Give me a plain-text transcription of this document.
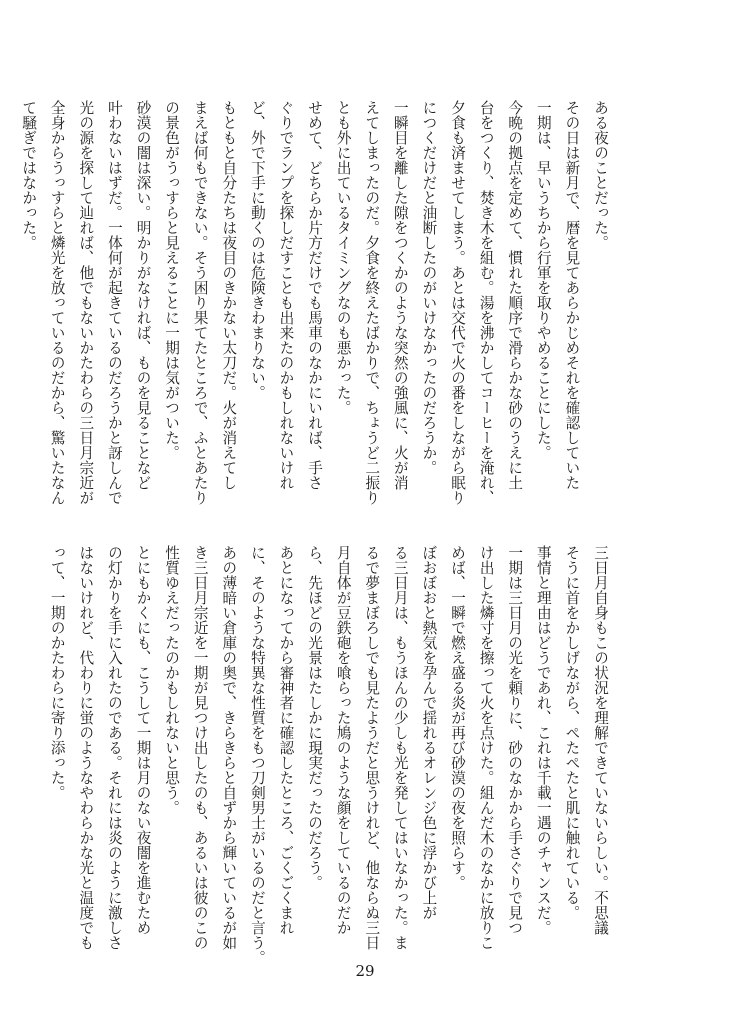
ある夜のことだった。
その日は新月で、暦を見てあらかじめそれを確認していた
一期は、早いうちから行軍を取りやめることにした。
今晩の拠点を定めて、慣れた順序で滑らかな砂のうえに土
台をつくり、焚き木を組む。湯を沸かしてコーヒーを淹れ、
夕食も済ませてしまう。あとは交代で火の番をしながら眠り
につくだけだと油断したのがいけなかったのだろうか。
一瞬目を離した隙をつくかのような突然の強風に、火が消
えてしまったのだ。夕食を終えたばかりで、ちょうど二振り
とも外に出ているタイミングなのも悪かった。
せめて、どちらか片方だけでも馬車のなかにいれば、手さ
ぐりでランプを探しだすことも出来たのかもしれないけれ
ど、外で下手に動くのは危険きわまりない。
もともと自分たちは夜目のきかない太刀だ。火が消えてし
まえば何もできない。そう困り果てたところで、ふとあたり
の景色がうっすらと見えることに一期は気がついた。
砂漠の闇は深い。明かりがなければ、ものを見ることなど
叶わないはずだ。一体何が起きているのだろうかと訝しんで
光の源を探して辿れば、他でもないかたわらの三日月宗近が
全身からうっすらと燐光を放っているのだから、驚いたなん
て騒ぎではなかった。
三日月自身もこの状況を理解できていないらしい。不思議
そうに首をかしげながら、ぺたぺたと肌に触れている。
事情と理由はどうであれ、これは千載一遇のチャンスだ。
一期は三日月の光を頼りに、砂のなかから手さぐりで見つ
け出した燐寸を擦って火を点けた。組んだ木のなかに放りこ
めば、一瞬で燃え盛る炎が再び砂漠の夜を照らす。
ぼおぼおと熱気を孕んで揺れるオレンジ色に浮かび上が
る三日月は、もうほんの少しも光を発してはいなかった。ま
るで夢まぼろしでも見たようだと思うけれど、他ならぬ三日
月自体が豆鉄砲を喰らった鳩のような顔をしているのだか
ら、先ほどの光景はたしかに現実だったのだろう。
あとになってから審神者に確認したところ、ごくごくまれ
に、そのような特異な性質をもつ刀剣男士がいるのだと言う。
あの薄暗い倉庫の奥で、きらきらと自ずから輝いているが如
き三日月宗近を一期が見つけ出したのも、あるいは彼のこの
性質ゆえだったのかもしれないと思う。
とにもかくにも、こうして一期は月のない夜闇を進むため
の灯かりを手に入れたのである。それには炎のように激しさ
はないけれど、代わりに蛍のようなやわらかな光と温度でも
って、一期のかたわらに寄り添った。
29
